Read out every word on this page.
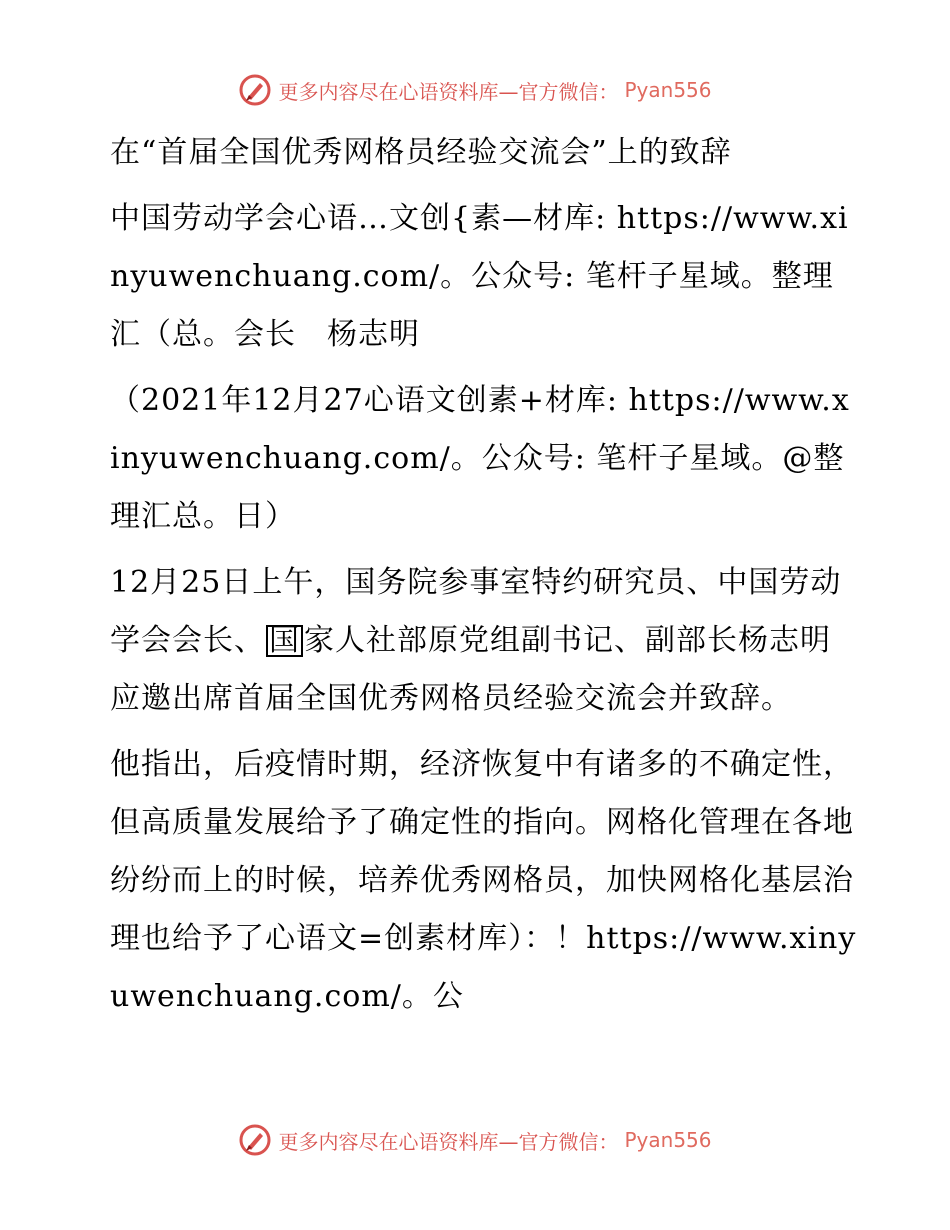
更多内容尽在心语资料库—官方微信： Pyan556

在“首届全国优秀网格员经验交流会”上的致辞

中国劳动学会心语…文创{素—材库: https://www.xinyuwenchuang.com/。公众号: 笔杆子星域。整理汇（总。会长　杨志明

（2021年12月27心语文创素+材库: https://www.xinyuwenchuang.com/。公众号: 笔杆子星域。@整理汇总。日）

12月25日上午，国务院参事室特约研究员、中国劳动学会会长、 国 家人社部原党组副书记、副部长杨志明应邀出席首届全国优秀网格员经验交流会并致辞。

他指出，后疫情时期，经济恢复中有诸多的不确定性，但高质量发展给予了确定性的指向。网格化管理在各地纷纷而上的时候，培养优秀网格员，加快网格化基层治理也给予了心语文=创素材库）：！https://www.xinyuwenchuang.com/。公

更多内容尽在心语资料库—官方微信： Pyan556
